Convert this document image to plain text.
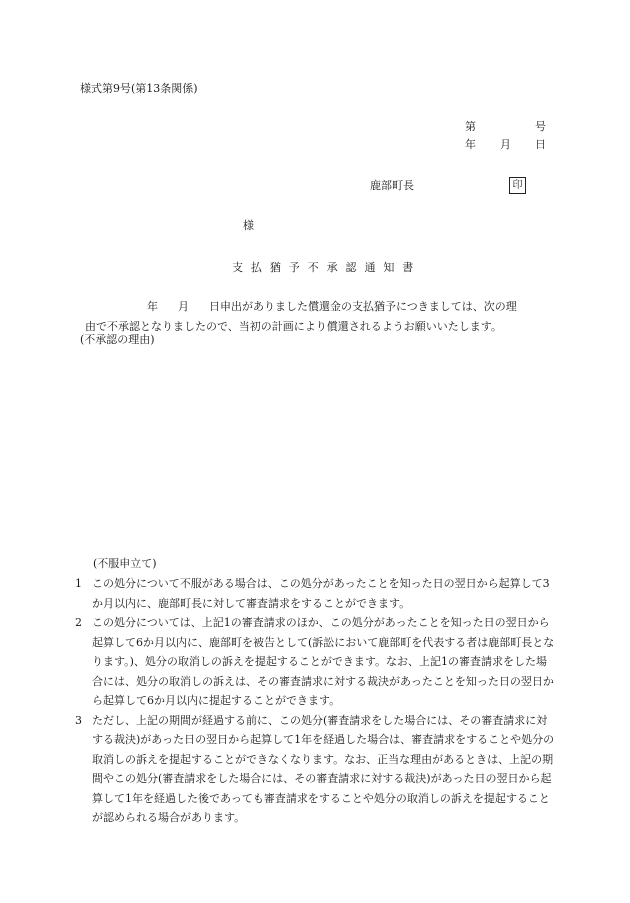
様式第9号(第13条関係)
第	号
年 月 日
鹿部町長	印
様
支払猶予不承認通知書
年 月 日申出がありました償還金の支払猶予につきましては、次の理
由で不承認となりましたので、当初の計画により償還されるようお願いいたします。
(不承認の理由)
(不服申立て)
1 この処分について不服がある場合は、この処分があったことを知った日の翌日から起算して3か月以内に、鹿部町長に対して審査請求をすることができます。
2 この処分については、上記1の審査請求のほか、この処分があったことを知った日の翌日から起算して6か月以内に、鹿部町を被告として(訴訟において鹿部町を代表する者は鹿部町長となります。)、処分の取消しの訴えを提起することができます。なお、上記1の審査請求をした場合には、処分の取消しの訴えは、その審査請求に対する裁決があったことを知った日の翌日から起算して6か月以内に提起することができます。
3 ただし、上記の期間が経過する前に、この処分(審査請求をした場合には、その審査請求に対する裁決)があった日の翌日から起算して1年を経過した場合は、審査請求をすることや処分の取消しの訴えを提起することができなくなります。なお、正当な理由があるときは、上記の期間やこの処分(審査請求をした場合には、その審査請求に対する裁決)があった日の翌日から起算して1年を経過した後であっても審査請求をすることや処分の取消しの訴えを提起することが認められる場合があります。
